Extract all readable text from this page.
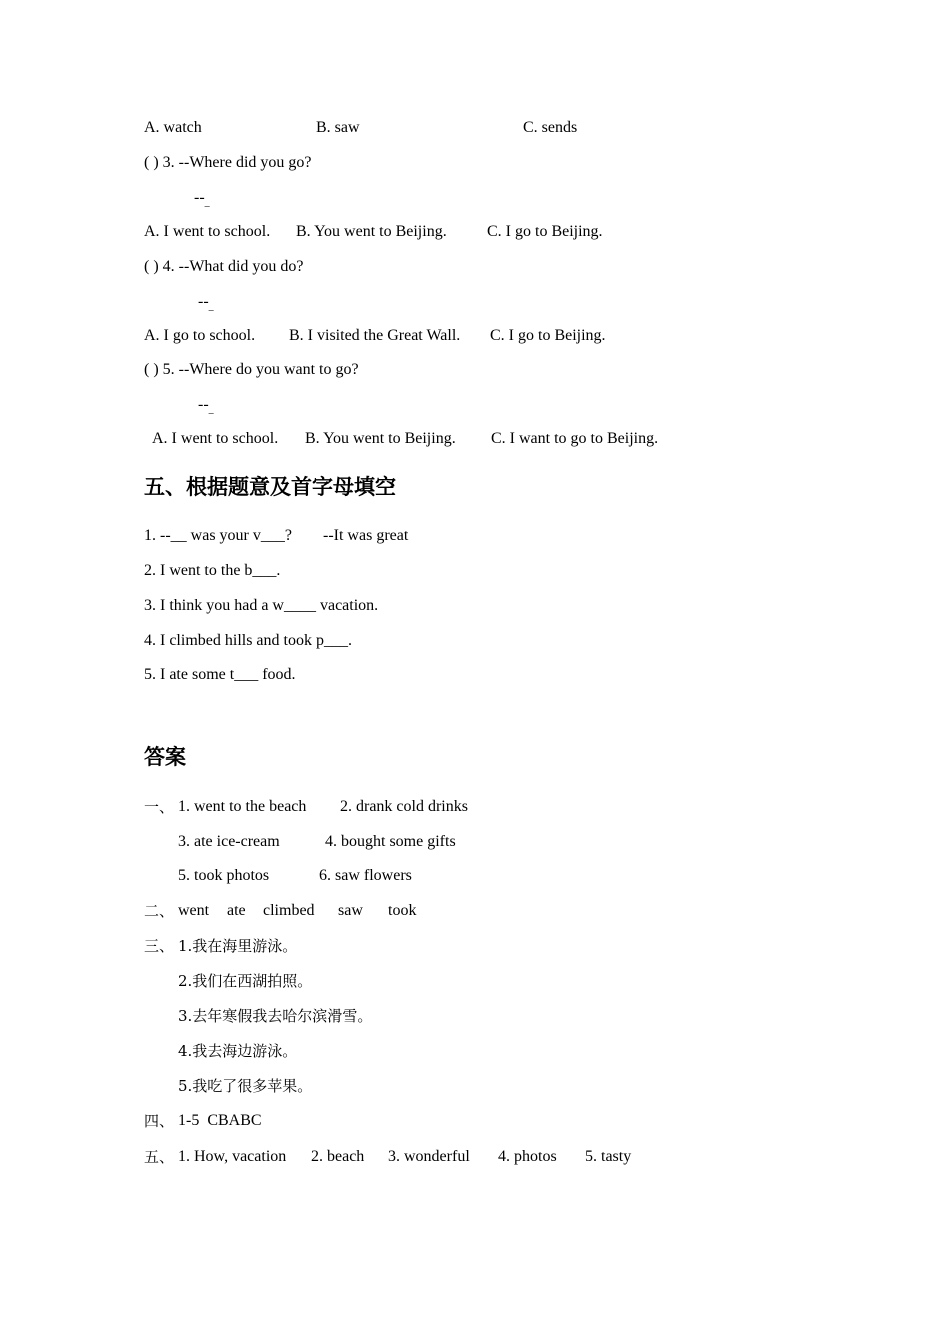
A. watch	B. saw	C. sends
( ) 3. --Where did you go?
$--_{\_}$
A. I went to school. B. You went to Beijing.	C. I go to Beijing.
( ) 4. --What did you do?
$--_{\_}$
A. I go to school. B. I visited the Great Wall. C. I go to Beijing.
( ) 5. --Where do you want to go?
$--_{\_}$
A. I went to school. B. You went to Beijing. C. I want to go to Beijing.
五、根据题意及首字母填空
1. --__ was your v___? --It was great
2. I went to the b___.
3. I think you had a w____ vacation.
4. I climbed hills and took p___.
5. I ate some t___ food.
答案
一、 1. went to the beach 2. drank cold drinks
3. ate ice-cream	4. bought some gifts
5. took photos	6. saw flowers
二、 went ate climbed saw took
三、 1.我在海里游泳。
2.我们在西湖拍照。
3.去年寒假我去哈尔滨滑雪。
4.我去海边游泳。
5.我吃了很多苹果。
四、 1-5  CBABC
五、 1. How, vacation 2. beach 3. wonderful 4. photos 5. tasty
